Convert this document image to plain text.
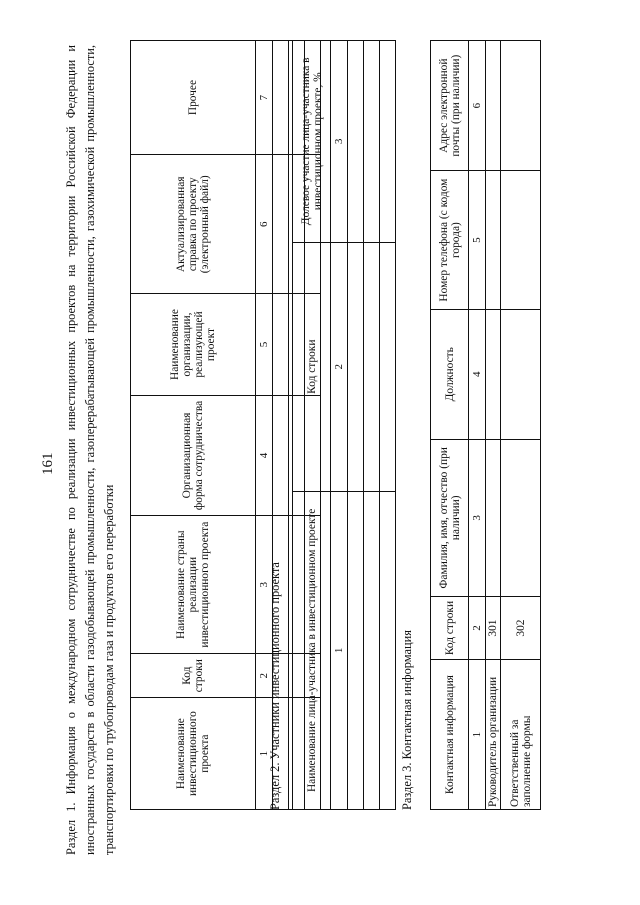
161 Раздел 1. Информация о международном сотрудничестве по реализации инвестиционных проектов на территории Российской Федерации и иностранных государств в области газодобывающей промышленности, газоперерабатывающей промышленности, газохимической промышленности, транспортировки по трубопроводам газа и продуктов его переработки	Наименование инвестиционного проекта	Код строки	Наименование страны реализации инвестиционного проекта	Организационная форма сотрудничества	Наименование организации, реализующей проект	Актуализированная справка по проекту (электронный файл)	Прочее
1	2	3	4	5	6	7

Раздел 2. Участники инвестиционного проекта Наименование лица-участника в инвестиционном проекте	Код строки	Долевое участие лица-участника в инвестиционном проекте, %
1	2	3

Раздел 3. Контактная информация	Контактная информация	Код строки	Фамилия, имя, отчество (при наличии)	Должность	Номер телефона (с кодом города)	Адрес электронной почты (при наличии)
1	2	3	4	5	6
Руководитель организации	301				
Ответственный за заполнение формы	302				
